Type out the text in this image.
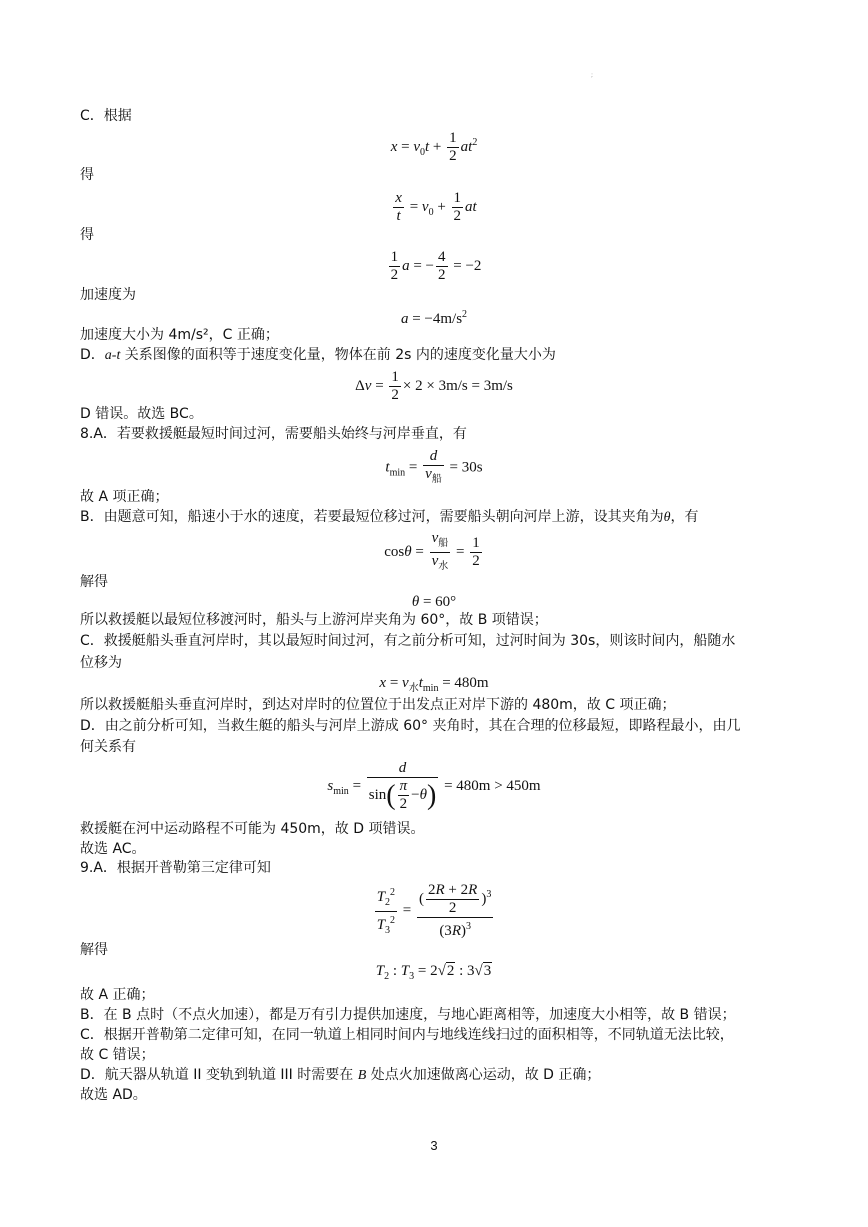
;
C．根据
$x = v_0t + \frac{1}{2} at^2$
得
$\frac{x}{t} = v_0 + \frac{1}{2}$ at
得
$\frac{1}{2}$ a = − $\frac{4}{2} = -2$
加速度为
$a = -4m/s^2$
加速度大小为 4m/s²，C 正确；
D．a-t 关系图像的面积等于速度变化量，物体在前 2s 内的速度变化量大小为
$\Delta v = \frac{1}{2} \times 2 \times 3m/s = 3m/s$
D 错误。故选 BC。
8.A．若要救援艇最短时间过河，需要船头始终与河岸垂直，有
$t_{min} = \frac{d}{v_船} = 30s$
故 A 项正确；
B．由题意可知，船速小于水的速度，若要最短位移过河，需要船头朝向河岸上游，设其夹角为θ，有
$\cos\theta = \frac{v_船}{v_水} = \frac{1}{2}$
解得
θ = 60°
所以救援艇以最短位移渡河时，船头与上游河岸夹角为 60°，故 B 项错误；
C．救援艇船头垂直河岸时，其以最短时间过河，有之前分析可知，过河时间为 30s，则该时间内，船随水
位移为
$x = v_水t_{min} = 480m$
所以救援艇船头垂直河岸时，到达对岸时的位置位于出发点正对岸下游的 480m，故 C 项正确；
D．由之前分析可知，当救生艇的船头与河岸上游成 60° 夹角时，其在合理的位移最短，即路程最小，由几
何关系有
$s_{min} = \frac{d}{\sin( \frac{\pi}{2} -\theta)} = 480m > 450m$
救援艇在河中运动路程不可能为 450m，故 D 项错误。
故选 AC。
9.A．根据开普勒第三定律可知
$\frac{T_2^2}{T_3^2} = \frac{( \frac{2R + 2R}{2} )^3}{(3R)^3}$
解得
$T_2$ : $T_3 = 2√2$ : 3√3
故 A 正确；
B．在 B 点时（不点火加速），都是万有引力提供加速度，与地心距离相等，加速度大小相等，故 B 错误；
C．根据开普勒第二定律可知，在同一轨道上相同时间内与地线连线扫过的面积相等，不同轨道无法比较，
故 C 错误；
D．航天器从轨道 II 变轨到轨道 III 时需要在 B 处点火加速做离心运动，故 D 正确；
故选 AD。
3
